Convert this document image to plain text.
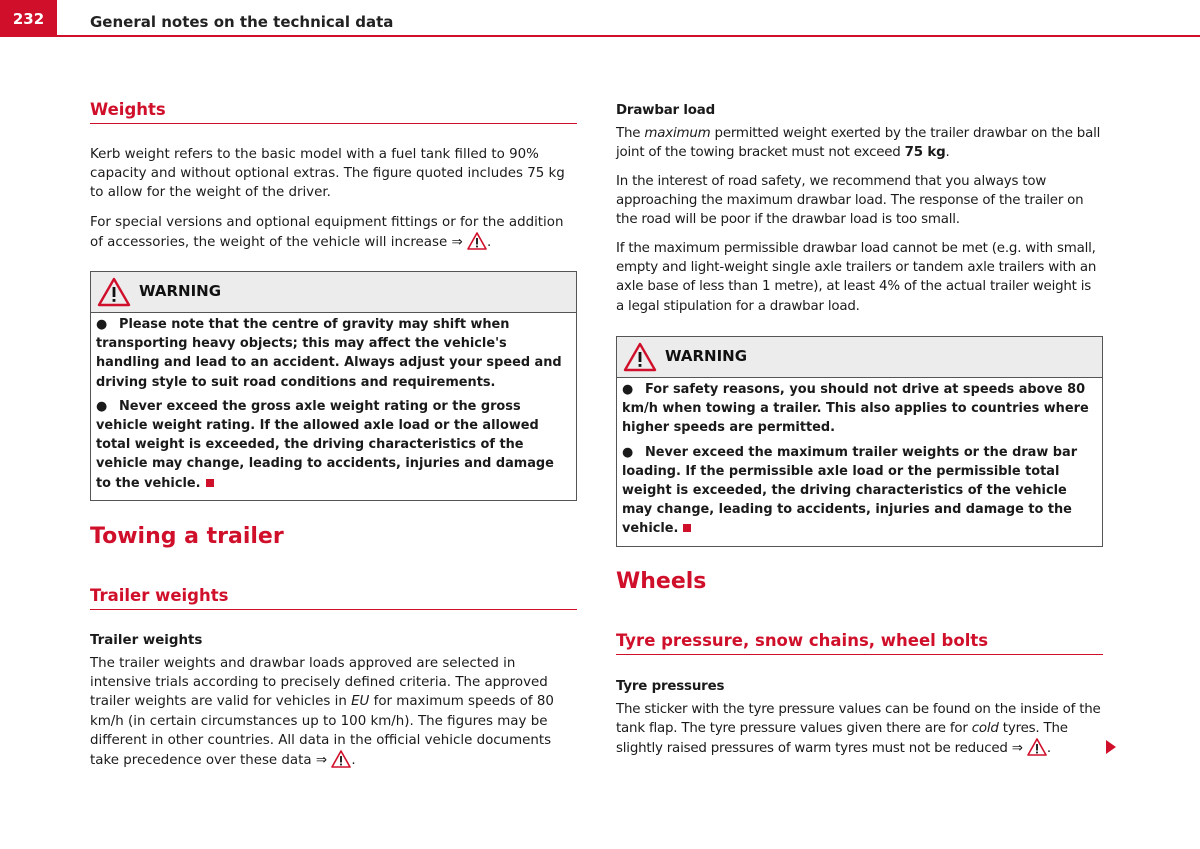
232	General notes on the technical data
Weights
Kerb weight refers to the basic model with a fuel tank filled to 90% capacity and without optional extras. The figure quoted includes 75 kg to allow for the weight of the driver.
For special versions and optional equipment fittings or for the addition of accessories, the weight of the vehicle will increase ⇒ .
WARNING
● Please note that the centre of gravity may shift when transporting heavy objects; this may affect the vehicle's handling and lead to an accident. Always adjust your speed and driving style to suit road conditions and requirements.
● Never exceed the gross axle weight rating or the gross vehicle weight rating. If the allowed axle load or the allowed total weight is exceeded, the driving characteristics of the vehicle may change, leading to accidents, injuries and damage to the vehicle.
Towing a trailer
Trailer weights
Trailer weights
The trailer weights and drawbar loads approved are selected in intensive trials according to precisely defined criteria. The approved trailer weights are valid for vehicles in EU for maximum speeds of 80 km/h (in certain circumstances up to 100 km/h). The figures may be different in other countries. All data in the official vehicle documents take precedence over these data ⇒ .
Drawbar load
The maximum permitted weight exerted by the trailer drawbar on the ball joint of the towing bracket must not exceed 75 kg.
In the interest of road safety, we recommend that you always tow approaching the maximum drawbar load. The response of the trailer on the road will be poor if the drawbar load is too small.
If the maximum permissible drawbar load cannot be met (e.g. with small, empty and light-weight single axle trailers or tandem axle trailers with an axle base of less than 1 metre), at least 4% of the actual trailer weight is a legal stipulation for a drawbar load.
WARNING
● For safety reasons, you should not drive at speeds above 80 km/h when towing a trailer. This also applies to countries where higher speeds are permitted.
● Never exceed the maximum trailer weights or the draw bar loading. If the permissible axle load or the permissible total weight is exceeded, the driving characteristics of the vehicle may change, leading to accidents, injuries and damage to the vehicle.
Wheels
Tyre pressure, snow chains, wheel bolts
Tyre pressures
The sticker with the tyre pressure values can be found on the inside of the tank flap. The tyre pressure values given there are for cold tyres. The slightly raised pressures of warm tyres must not be reduced ⇒ .
